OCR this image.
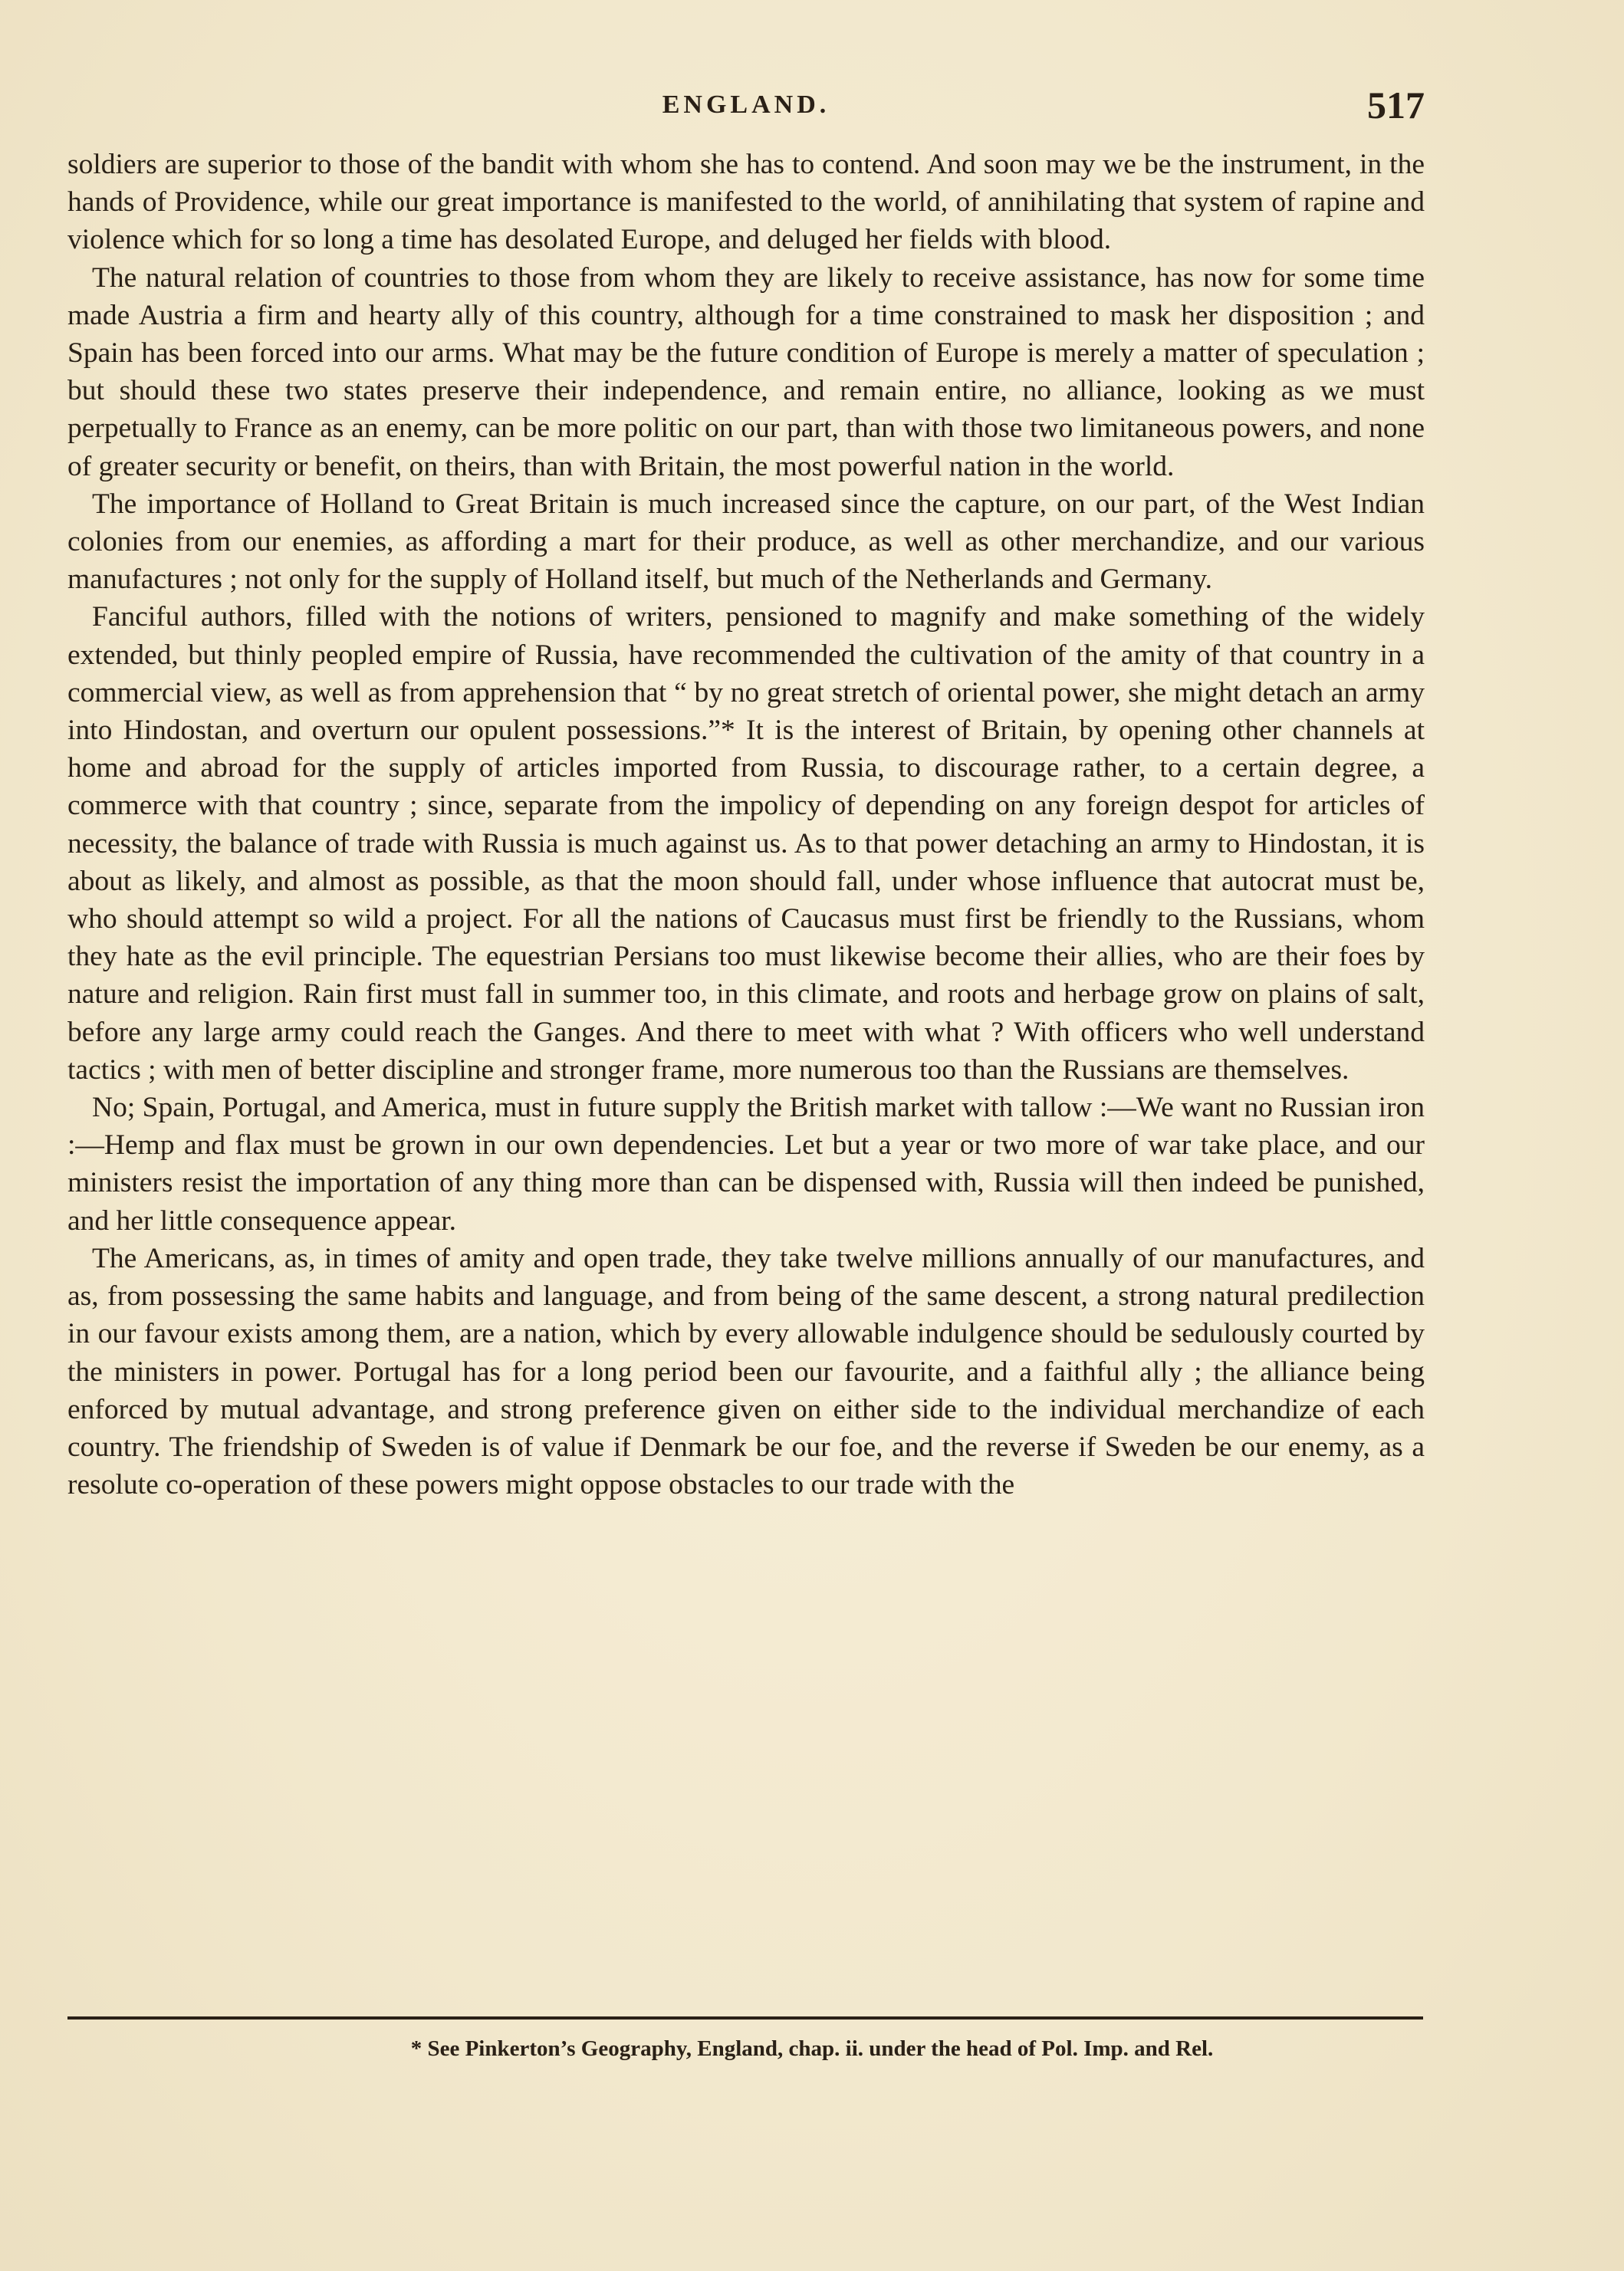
ENGLAND.	517

soldiers are superior to those of the bandit with whom she has to contend. And soon may we be the instrument, in the hands of Providence, while our great importance is manifested to the world, of annihilating that system of rapine and violence which for so long a time has desolated Europe, and deluged her fields with blood.

The natural relation of countries to those from whom they are likely to receive assistance, has now for some time made Austria a firm and hearty ally of this country, although for a time constrained to mask her disposition ; and Spain has been forced into our arms. What may be the future condition of Europe is merely a matter of speculation ; but should these two states preserve their independence, and remain entire, no alliance, looking as we must perpetually to France as an enemy, can be more politic on our part, than with those two limitaneous powers, and none of greater security or benefit, on theirs, than with Britain, the most powerful nation in the world.

The importance of Holland to Great Britain is much increased since the capture, on our part, of the West Indian colonies from our enemies, as affording a mart for their produce, as well as other merchandize, and our various manufactures ; not only for the supply of Holland itself, but much of the Netherlands and Germany.

Fanciful authors, filled with the notions of writers, pensioned to magnify and make something of the widely extended, but thinly peopled empire of Russia, have recommended the cultivation of the amity of that country in a commercial view, as well as from apprehension that “ by no great stretch of oriental power, she might detach an army into Hindostan, and overturn our opulent possessions.”* It is the interest of Britain, by opening other channels at home and abroad for the supply of articles imported from Russia, to discourage rather, to a certain degree, a commerce with that country ; since, separate from the impolicy of depending on any foreign despot for articles of necessity, the balance of trade with Russia is much against us. As to that power detaching an army to Hindostan, it is about as likely, and almost as possible, as that the moon should fall, under whose influence that autocrat must be, who should attempt so wild a project. For all the nations of Caucasus must first be friendly to the Russians, whom they hate as the evil principle. The equestrian Persians too must likewise become their allies, who are their foes by nature and religion. Rain first must fall in summer too, in this climate, and roots and herbage grow on plains of salt, before any large army could reach the Ganges. And there to meet with what ? With officers who well understand tactics ; with men of better discipline and stronger frame, more numerous too than the Russians are themselves.

No; Spain, Portugal, and America, must in future supply the British market with tallow :—We want no Russian iron :—Hemp and flax must be grown in our own dependencies. Let but a year or two more of war take place, and our ministers resist the importation of any thing more than can be dispensed with, Russia will then indeed be punished, and her little consequence appear.

The Americans, as, in times of amity and open trade, they take twelve millions annually of our manufactures, and as, from possessing the same habits and language, and from being of the same descent, a strong natural predilection in our favour exists among them, are a nation, which by every allowable indulgence should be sedulously courted by the ministers in power. Portugal has for a long period been our favourite, and a faithful ally ; the alliance being enforced by mutual advantage, and strong preference given on either side to the individual merchandize of each country. The friendship of Sweden is of value if Denmark be our foe, and the reverse if Sweden be our enemy, as a resolute co-operation of these powers might oppose obstacles to our trade with the

* See Pinkerton’s Geography, England, chap. ii. under the head of Pol. Imp. and Rel.
